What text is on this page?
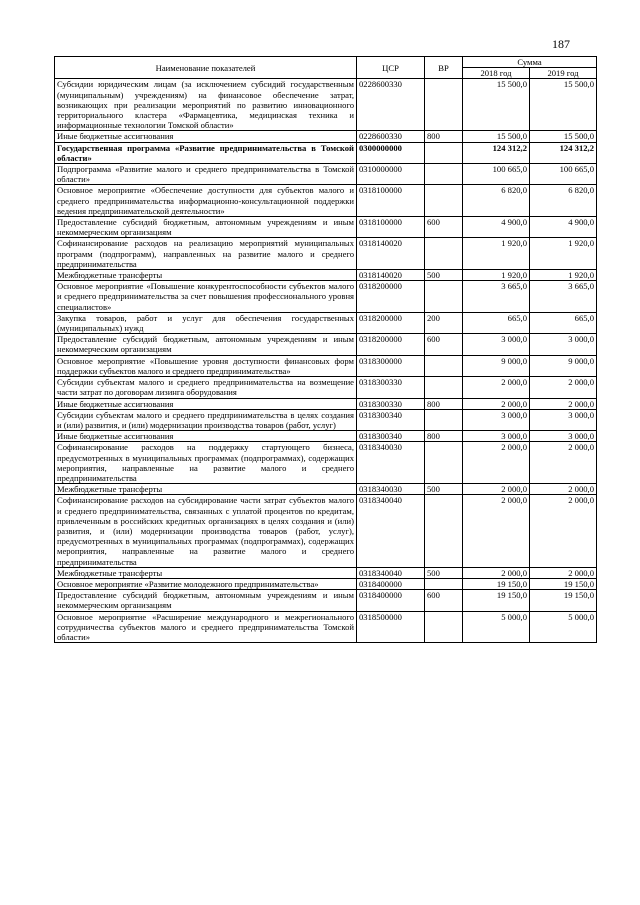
187
Наименование показателей	ЦСР	ВР	Сумма	
			2018 год	2019 год

Субсидии юридическим лицам (за исключением субсидий государственным (муниципальным) учреждениям) на финансовое обеспечение затрат, возникающих при реализации мероприятий по развитию инновационного территориального кластера «Фармацевтика, медицинская техника и информационные технологии Томской области»	0228600330		15 500,0	15 500,0

Иные бюджетные ассигнования	0228600330	800	15 500,0	15 500,0

Государственная программа «Развитие предпринимательства в Томской области»	0300000000		124 312,2	124 312,2

Подпрограмма «Развитие малого и среднего предпринимательства в Томской области»	0310000000		100 665,0	100 665,0

Основное мероприятие «Обеспечение доступности для субъектов малого и среднего предпринимательства информационно-консультационной поддержки ведения предпринимательской деятельности»	0318100000		6 820,0	6 820,0

Предоставление субсидий бюджетным, автономным учреждениям и иным некоммерческим организациям	0318100000	600	4 900,0	4 900,0

Софинансирование расходов на реализацию мероприятий муниципальных программ (подпрограмм), направленных на развитие малого и среднего предпринимательства	0318140020		1 920,0	1 920,0

Межбюджетные трансферты	0318140020	500	1 920,0	1 920,0

Основное мероприятие «Повышение конкурентоспособности субъектов малого и среднего предпринимательства за счет повышения профессионального уровня специалистов»	0318200000		3 665,0	3 665,0

Закупка товаров, работ и услуг для обеспечения государственных (муниципальных) нужд	0318200000	200	665,0	665,0

Предоставление субсидий бюджетным, автономным учреждениям и иным некоммерческим организациям	0318200000	600	3 000,0	3 000,0

Основное мероприятие «Повышение уровня доступности финансовых форм поддержки субъектов малого и среднего предпринимательства»	0318300000		9 000,0	9 000,0

Субсидии субъектам малого и среднего предпринимательства на возмещение части затрат по договорам лизинга оборудования	0318300330		2 000,0	2 000,0

Иные бюджетные ассигнования	0318300330	800	2 000,0	2 000,0

Субсидии субъектам малого и среднего предпринимательства в целях создания и (или) развития, и (или) модернизации производства товаров (работ, услуг)	0318300340		3 000,0	3 000,0

Иные бюджетные ассигнования	0318300340	800	3 000,0	3 000,0

Софинансирование расходов на поддержку стартующего бизнеса, предусмотренных в муниципальных программах (подпрограммах), содержащих мероприятия, направленные на развитие малого и среднего предпринимательства	0318340030		2 000,0	2 000,0

Межбюджетные трансферты	0318340030	500	2 000,0	2 000,0

Софинансирование расходов на субсидирование части затрат субъектов малого и среднего предпринимательства, связанных с уплатой процентов по кредитам, привлеченным в российских кредитных организациях в целях создания и (или) развития, и (или) модернизации производства товаров (работ, услуг), предусмотренных в муниципальных программах (подпрограммах), содержащих мероприятия, направленные на развитие малого и среднего предпринимательства	0318340040		2 000,0	2 000,0

Межбюджетные трансферты	0318340040	500	2 000,0	2 000,0

Основное мероприятие «Развитие молодежного предпринимательства»	0318400000		19 150,0	19 150,0

Предоставление субсидий бюджетным, автономным учреждениям и иным некоммерческим организациям	0318400000	600	19 150,0	19 150,0

Основное мероприятие «Расширение международного и межрегионального сотрудничества субъектов малого и среднего предпринимательства Томской области»	0318500000		5 000,0	5 000,0
